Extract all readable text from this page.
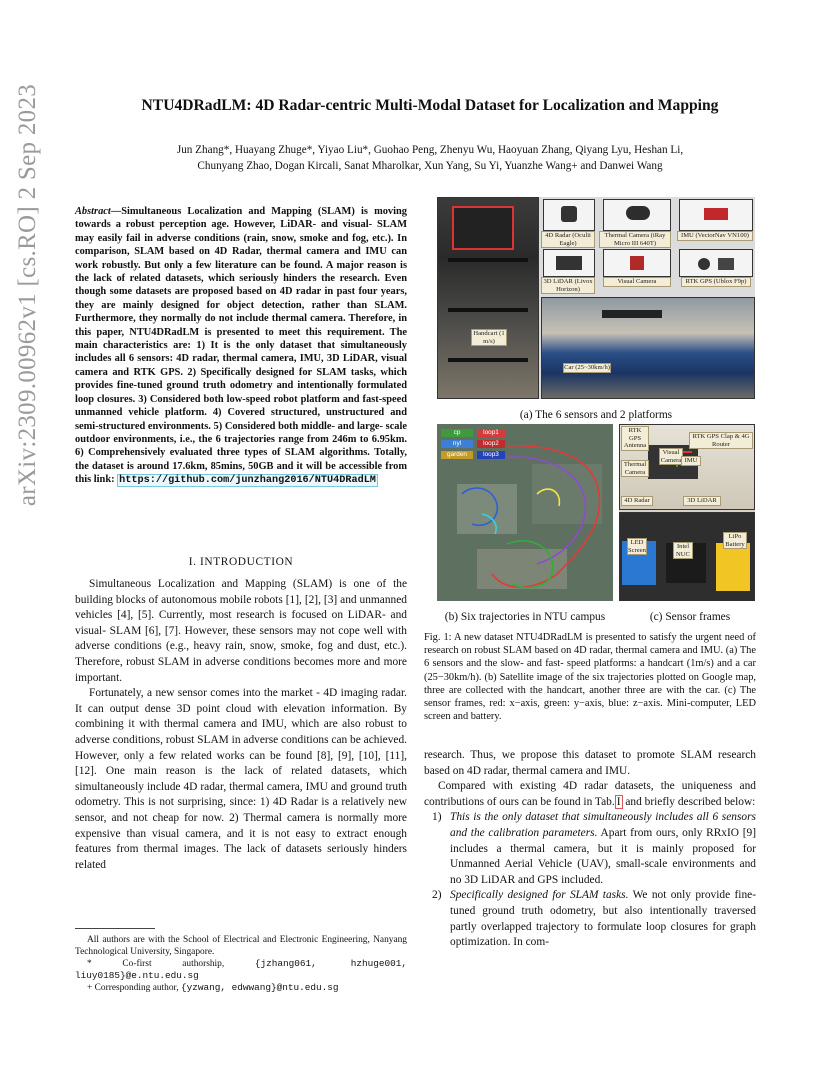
arXiv:2309.00962v1 [cs.RO] 2 Sep 2023	NTU4DRadLM: 4D Radar-centric Multi-Modal Dataset for Localization and Mapping
Jun Zhang*, Huayang Zhuge*, Yiyao Liu*, Guohao Peng, Zhenyu Wu, Haoyuan Zhang, Qiyang Lyu, Heshan Li,
Chunyang Zhao, Dogan Kircali, Sanat Mharolkar, Xun Yang, Su Yi, Yuanzhe Wang+ and Danwei Wang
Abstract—Simultaneous Localization and Mapping (SLAM) is moving towards a robust perception age. However, LiDAR- and visual- SLAM may easily fail in adverse conditions (rain, snow, smoke and fog, etc.). In comparison, SLAM based on 4D Radar, thermal camera and IMU can work robustly. But only a few literature can be found. A major reason is the lack of related datasets, which seriously hinders the research. Even though some datasets are proposed based on 4D radar in past four years, they are mainly designed for object detection, rather than SLAM. Furthermore, they normally do not include thermal camera. Therefore, in this paper, NTU4DRadLM is presented to meet this requirement. The main characteristics are: 1) It is the only dataset that simultaneously includes all 6 sensors: 4D radar, thermal camera, IMU, 3D LiDAR, visual camera and RTK GPS. 2) Specifically designed for SLAM tasks, which provides fine-tuned ground truth odometry and intentionally formulated loop closures. 3) Considered both low-speed robot platform and fast-speed unmanned vehicle platform. 4) Covered structured, unstructured and semi-structured environments. 5) Considered both middle- and large- scale outdoor environments, i.e., the 6 trajectories range from 246m to 6.95km. 6) Comprehensively evaluated three types of SLAM algorithms. Totally, the dataset is around 17.6km, 85mins, 50GB and it will be accessible from this link: https://github.com/junzhang2016/NTU4DRadLM
I. INTRODUCTION

Simultaneous Localization and Mapping (SLAM) is one of the building blocks of autonomous mobile robots [1], [2], [3] and unmanned vehicles [4], [5]. Currently, most research is focused on LiDAR- and visual- SLAM [6], [7]. However, these sensors may not cope well with adverse conditions (e.g., heavy rain, snow, smoke, fog and dust, etc.). Therefore, robust SLAM in adverse conditions becomes more and more important.

Fortunately, a new sensor comes into the market - 4D imaging radar. It can output dense 3D point cloud with elevation information. By combining it with thermal camera and IMU, which are also robust to adverse conditions, robust SLAM in adverse conditions can be achieved. However, only a few related works can be found [8], [9], [10], [11], [12]. One main reason is the lack of related datasets, which simultaneously include 4D radar, thermal camera, IMU and ground truth odometry. This is not surprising, since: 1) 4D Radar is a relatively new sensor, and not cheap for now. 2) Thermal camera is normally more expensive than visual camera, and it is not easy to extract enough features from thermal images. The lack of datasets seriously hinders related

All authors are with the School of Electrical and Electronic Engineering, Nanyang Technological University, Singapore.

* Co-first authorship,	{jzhang061, hzhuge001, liuy0185}@e.ntu.edu.sg

+ Corresponding author, {yzwang, edwwang}@ntu.edu.sg

Handcart (1 m/s)
4D Radar (Oculii Eagle)
Thermal Camera (iRay Micro III 640T)
IMU (VectorNav VN100)
3D LiDAR (Livox Horizon)
Visual Camera	RTK GPS (Ublox F9p)
Car (25~30km/h)
(a) The 6 sensors and 2 platforms
cp
nyl
garden
loop1
loop2
loop3
RTK GPS Antenna
RTK GPS Clap & 4G Router
Visual Camera
Thermal Camera
IMU
4D Radar	3D LiDAR
LED Screen
Intel NUC
LiPo Battery
(b) Six trajectories in NTU campus	(c) Sensor frames
Fig. 1: A new dataset NTU4DRadLM is presented to satisfy the urgent need of research on robust SLAM based on 4D radar, thermal camera and IMU. (a) The 6 sensors and the slow- and fast- speed platforms: a handcart (1m/s) and a car (25−30km/h). (b) Satellite image of the six trajectories plotted on Google map, three are collected with the handcart, another three are with the car. (c) The sensor frames, red: x−axis, green: y−axis, blue: z−axis. Mini-computer, LED screen and battery.

research. Thus, we propose this dataset to promote SLAM research based on 4D radar, thermal camera and IMU.

Compared with existing 4D radar datasets, the uniqueness and contributions of ours can be found in Tab. I and briefly described below:

1) This is the only dataset that simultaneously includes all 6 sensors and the calibration parameters. Apart from ours, only RRxIO [9] includes a thermal camera, but it is mainly proposed for Unmanned Aerial Vehicle (UAV), small-scale environments and no 3D LiDAR and GPS included.

2) Specifically designed for SLAM tasks. We not only provide fine-tuned ground truth odometry, but also intentionally traversed partly overlapped trajectory to formulate loop closures for graph optimization. In com-
